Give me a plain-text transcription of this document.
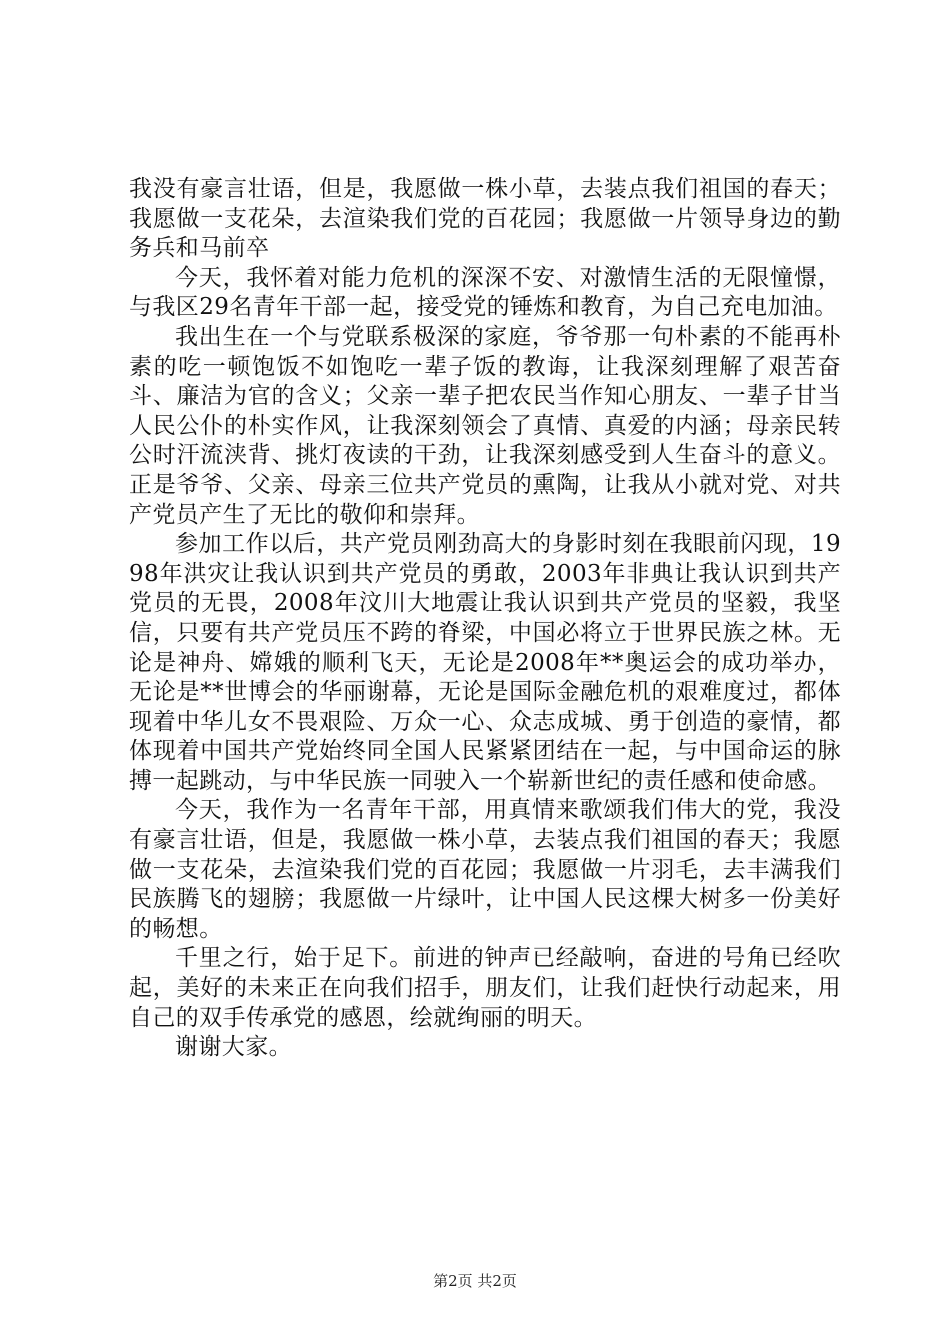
我没有豪言壮语，但是，我愿做一株小草，去装点我们祖国的春天；我愿做一支花朵，去渲染我们党的百花园；我愿做一片领导身边的勤务兵和马前卒

今天，我怀着对能力危机的深深不安、对激情生活的无限憧憬，与我区29名青年干部一起，接受党的锤炼和教育，为自己充电加油。

我出生在一个与党联系极深的家庭，爷爷那一句朴素的不能再朴素的吃一顿饱饭不如饱吃一辈子饭的教诲，让我深刻理解了艰苦奋斗、廉洁为官的含义；父亲一辈子把农民当作知心朋友、一辈子甘当人民公仆的朴实作风，让我深刻领会了真情、真爱的内涵；母亲民转公时汗流浃背、挑灯夜读的干劲，让我深刻感受到人生奋斗的意义。正是爷爷、父亲、母亲三位共产党员的熏陶，让我从小就对党、对共产党员产生了无比的敬仰和崇拜。

参加工作以后，共产党员刚劲高大的身影时刻在我眼前闪现，1998年洪灾让我认识到共产党员的勇敢，2003年非典让我认识到共产党员的无畏，2008年汶川大地震让我认识到共产党员的坚毅，我坚信，只要有共产党员压不跨的脊梁，中国必将立于世界民族之林。无论是神舟、嫦娥的顺利飞天，无论是2008年**奥运会的成功举办，无论是**世博会的华丽谢幕，无论是国际金融危机的艰难度过，都体现着中华儿女不畏艰险、万众一心、众志成城、勇于创造的豪情，都体现着中国共产党始终同全国人民紧紧团结在一起，与中国命运的脉搏一起跳动，与中华民族一同驶入一个崭新世纪的责任感和使命感。

今天，我作为一名青年干部，用真情来歌颂我们伟大的党，我没有豪言壮语，但是，我愿做一株小草，去装点我们祖国的春天；我愿做一支花朵，去渲染我们党的百花园；我愿做一片羽毛，去丰满我们民族腾飞的翅膀；我愿做一片绿叶，让中国人民这棵大树多一份美好的畅想。

千里之行，始于足下。前进的钟声已经敲响，奋进的号角已经吹起，美好的未来正在向我们招手，朋友们，让我们赶快行动起来，用自己的双手传承党的感恩，绘就绚丽的明天。

谢谢大家。

第2页 共2页
